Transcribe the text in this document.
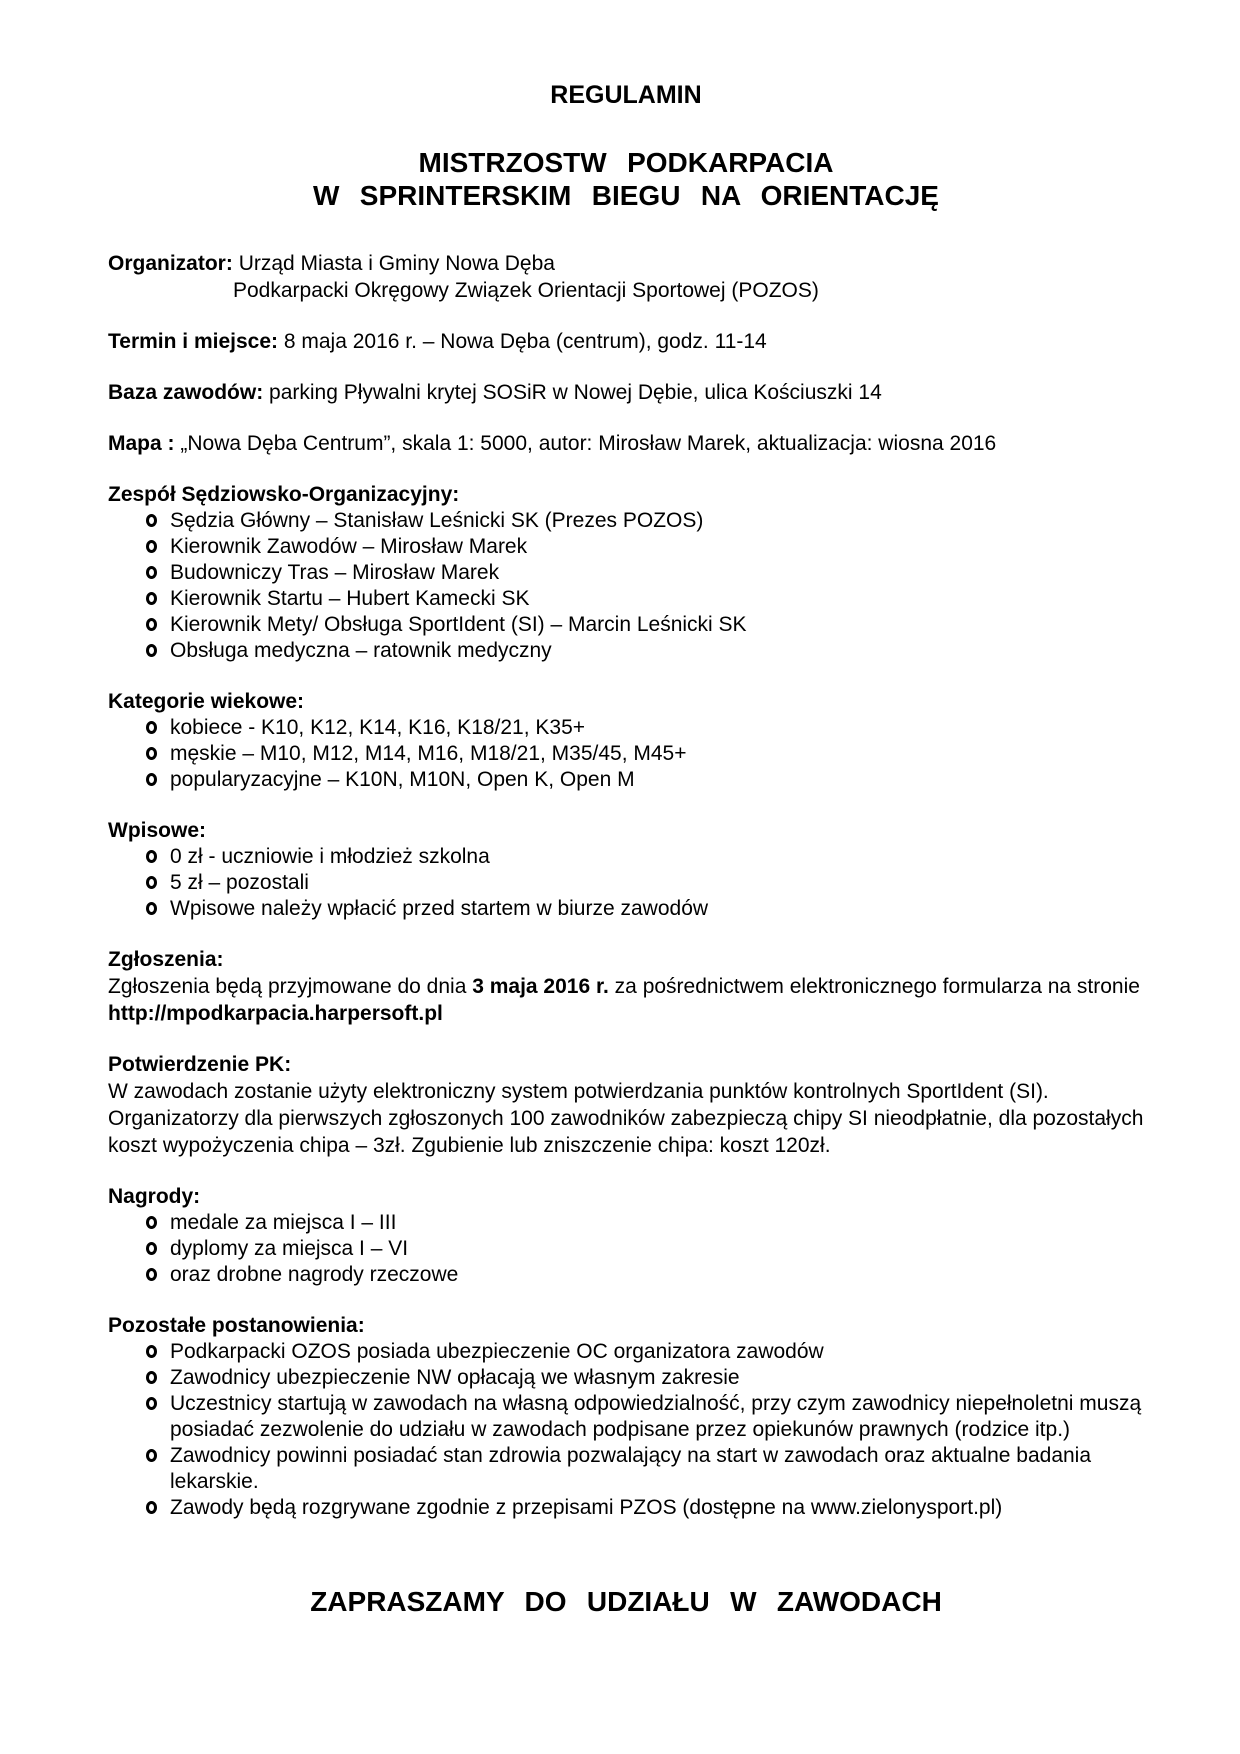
REGULAMIN
MISTRZOSTW PODKARPACIA
W SPRINTERSKIM BIEGU NA ORIENTACJĘ
Organizator: Urząd Miasta i Gminy Nowa Dęba
Podkarpacki Okręgowy Związek Orientacji Sportowej (POZOS)
Termin i miejsce: 8 maja 2016 r. – Nowa Dęba (centrum), godz. 11-14
Baza zawodów: parking Pływalni krytej SOSiR w Nowej Dębie, ulica Kościuszki 14
Mapa : „Nowa Dęba Centrum”, skala 1: 5000, autor: Mirosław Marek, aktualizacja: wiosna 2016
Zespół Sędziowsko-Organizacyjny:
Sędzia Główny – Stanisław Leśnicki SK (Prezes POZOS)
Kierownik Zawodów – Mirosław Marek
Budowniczy Tras – Mirosław Marek
Kierownik Startu – Hubert Kamecki SK
Kierownik Mety/ Obsługa SportIdent (SI) – Marcin Leśnicki SK
Obsługa medyczna – ratownik medyczny
Kategorie wiekowe:
kobiece - K10, K12, K14, K16, K18/21, K35+
męskie – M10, M12, M14, M16, M18/21, M35/45, M45+
popularyzacyjne – K10N, M10N, Open K, Open M
Wpisowe:
0 zł - uczniowie i młodzież szkolna
5 zł – pozostali
Wpisowe należy wpłacić przed startem w biurze zawodów
Zgłoszenia:

Zgłoszenia będą przyjmowane do dnia 3 maja 2016 r. za pośrednictwem elektronicznego formularza na stronie http://mpodkarpacia.harpersoft.pl

Potwierdzenie PK:

W zawodach zostanie użyty elektroniczny system potwierdzania punktów kontrolnych SportIdent (SI). Organizatorzy dla pierwszych zgłoszonych 100 zawodników zabezpieczą chipy SI nieodpłatnie, dla pozostałych koszt wypożyczenia chipa – 3zł. Zgubienie lub zniszczenie chipa: koszt 120zł.

Nagrody:
medale za miejsca I – III
dyplomy za miejsca I – VI
oraz drobne nagrody rzeczowe
Pozostałe postanowienia:
Podkarpacki OZOS posiada ubezpieczenie OC organizatora zawodów
Zawodnicy ubezpieczenie NW opłacają we własnym zakresie
Uczestnicy startują w zawodach na własną odpowiedzialność, przy czym zawodnicy niepełnoletni muszą posiadać zezwolenie do udziału w zawodach podpisane przez opiekunów prawnych (rodzice itp.)
Zawodnicy powinni posiadać stan zdrowia pozwalający na start w zawodach oraz aktualne badania lekarskie.
Zawody będą rozgrywane zgodnie z przepisami PZOS (dostępne na www.zielonysport.pl)
ZAPRASZAMY DO UDZIAŁU W ZAWODACH
